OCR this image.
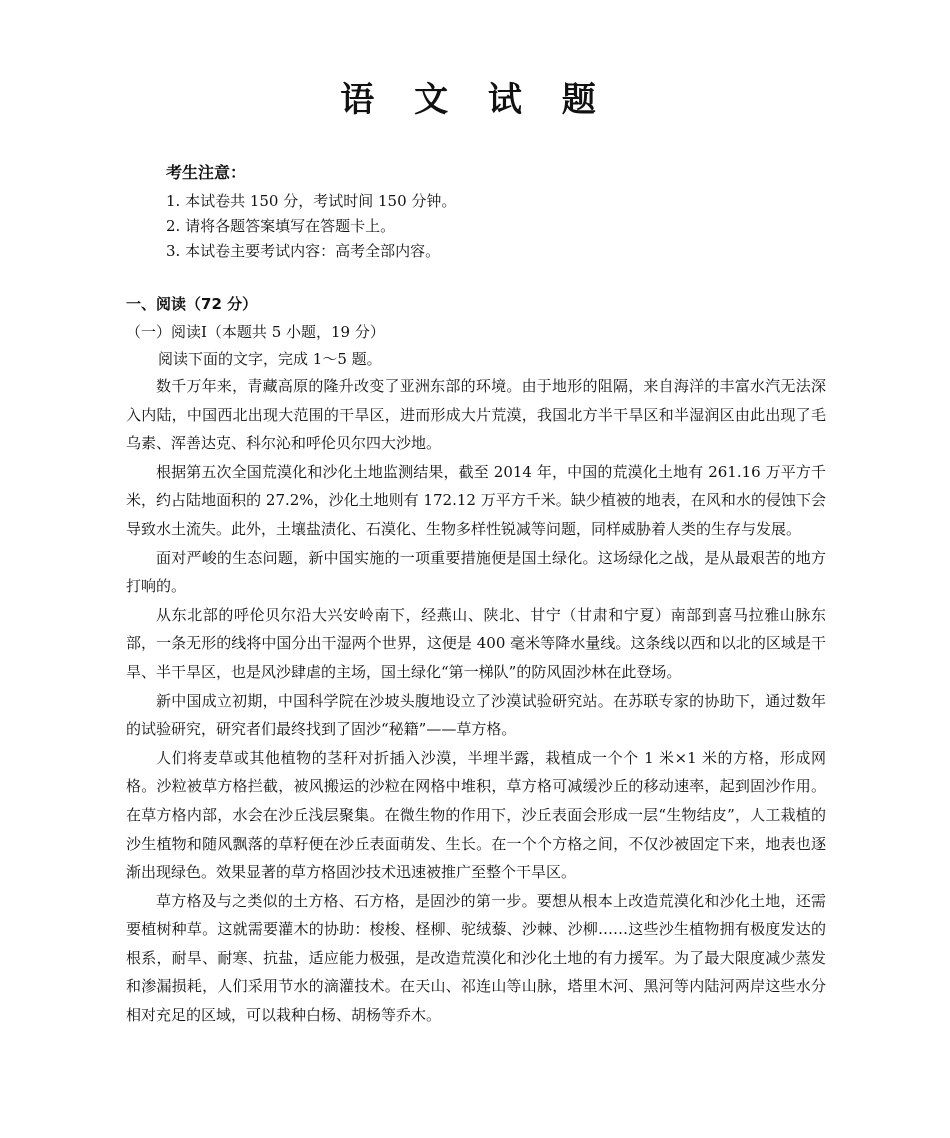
语 文 试 题
考生注意：
1. 本试卷共 150 分，考试时间 150 分钟。
2. 请将各题答案填写在答题卡上。
3. 本试卷主要考试内容：高考全部内容。
一、阅读（72 分）
（一）阅读Ⅰ（本题共 5 小题，19 分）
阅读下面的文字，完成 1～5 题。

数千万年来，青藏高原的隆升改变了亚洲东部的环境。由于地形的阻隔，来自海洋的丰富水汽无法深入内陆，中国西北出现大范围的干旱区，进而形成大片荒漠，我国北方半干旱区和半湿润区由此出现了毛乌素、浑善达克、科尔沁和呼伦贝尔四大沙地。

根据第五次全国荒漠化和沙化土地监测结果，截至 2014 年，中国的荒漠化土地有 261.16 万平方千米，约占陆地面积的 27.2%，沙化土地则有 172.12 万平方千米。缺少植被的地表，在风和水的侵蚀下会导致水土流失。此外，土壤盐渍化、石漠化、生物多样性锐减等问题，同样威胁着人类的生存与发展。

面对严峻的生态问题，新中国实施的一项重要措施便是国土绿化。这场绿化之战，是从最艰苦的地方打响的。

从东北部的呼伦贝尔沿大兴安岭南下，经燕山、陕北、甘宁（甘肃和宁夏）南部到喜马拉雅山脉东部，一条无形的线将中国分出干湿两个世界，这便是 400 毫米等降水量线。这条线以西和以北的区域是干旱、半干旱区，也是风沙肆虐的主场，国土绿化“第一梯队”的防风固沙林在此登场。

新中国成立初期，中国科学院在沙坡头腹地设立了沙漠试验研究站。在苏联专家的协助下，通过数年的试验研究，研究者们最终找到了固沙“秘籍”——草方格。

人们将麦草或其他植物的茎秆对折插入沙漠，半埋半露，栽植成一个个 1 米×1 米的方格，形成网格。沙粒被草方格拦截，被风搬运的沙粒在网格中堆积，草方格可减缓沙丘的移动速率，起到固沙作用。在草方格内部，水会在沙丘浅层聚集。在微生物的作用下，沙丘表面会形成一层“生物结皮”，人工栽植的沙生植物和随风飘落的草籽便在沙丘表面萌发、生长。在一个个方格之间，不仅沙被固定下来，地表也逐渐出现绿色。效果显著的草方格固沙技术迅速被推广至整个干旱区。

草方格及与之类似的土方格、石方格，是固沙的第一步。要想从根本上改造荒漠化和沙化土地，还需要植树种草。这就需要灌木的协助：梭梭、柽柳、驼绒藜、沙棘、沙柳……这些沙生植物拥有极度发达的根系，耐旱、耐寒、抗盐，适应能力极强，是改造荒漠化和沙化土地的有力援军。为了最大限度减少蒸发和渗漏损耗，人们采用节水的滴灌技术。在天山、祁连山等山脉，塔里木河、黑河等内陆河两岸这些水分相对充足的区域，可以栽种白杨、胡杨等乔木。
